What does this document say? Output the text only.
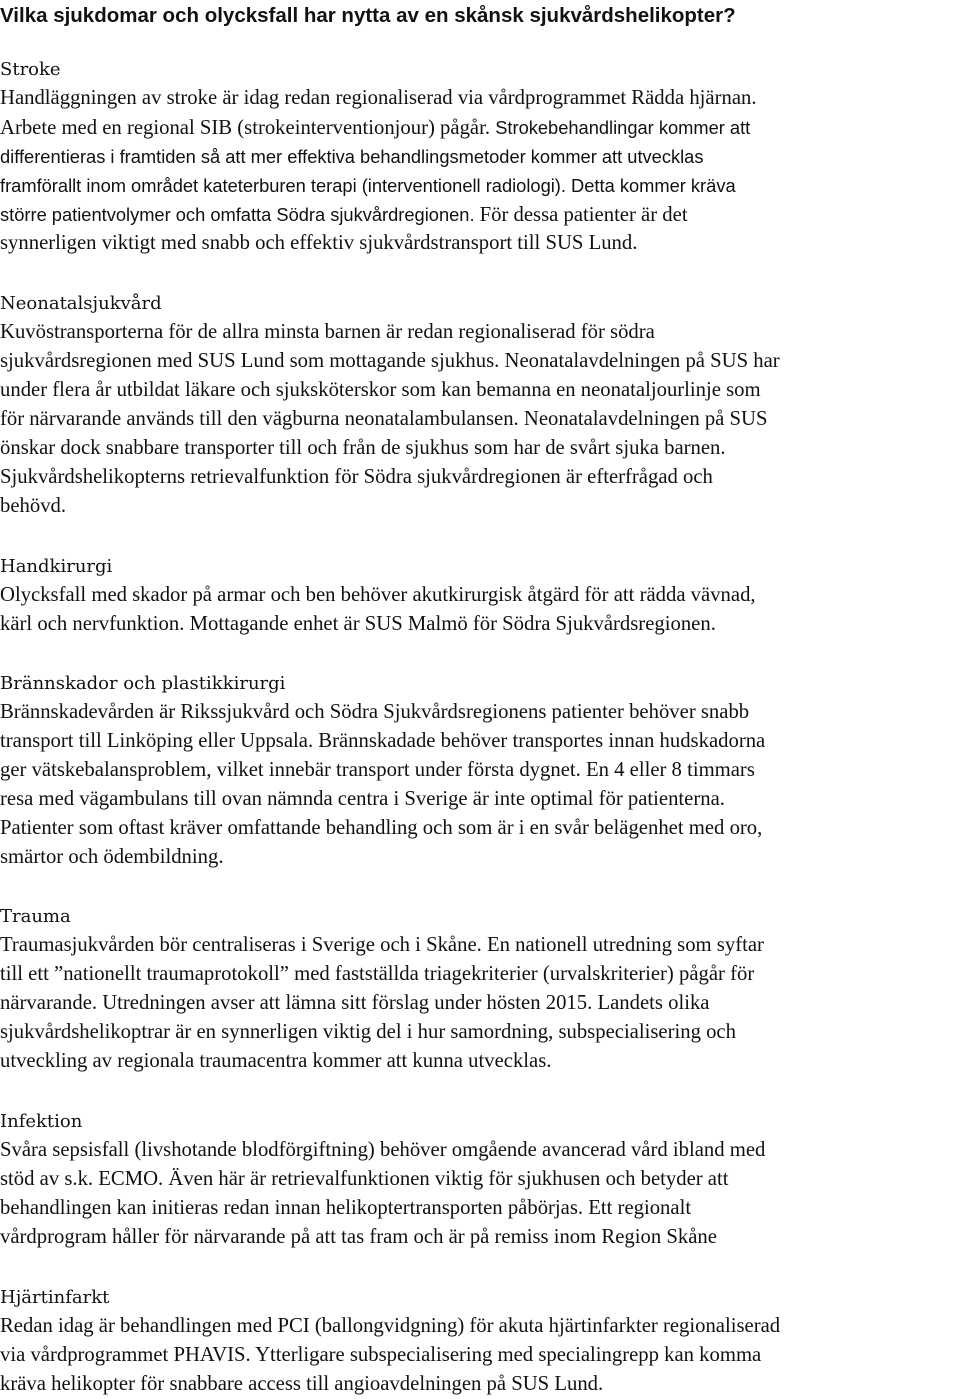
Vilka sjukdomar och olycksfall har nytta av en skånsk sjukvårdshelikopter?

Stroke

Handläggningen av stroke är idag redan regionaliserad via vårdprogrammet Rädda hjärnan.

Arbete med en regional SIB (strokeinterventionjour) pågår. Strokebehandlingar kommer att

differentieras i framtiden så att mer effektiva behandlingsmetoder kommer att utvecklas

framförallt inom området kateterburen terapi (interventionell radiologi). Detta kommer kräva

större patientvolymer och omfatta Södra sjukvårdregionen. För dessa patienter är det

synnerligen viktigt med snabb och effektiv sjukvårdstransport till SUS Lund.

Neonatalsjukvård

Kuvöstransporterna för de allra minsta barnen är redan regionaliserad för södra

sjukvårdsregionen med SUS Lund som mottagande sjukhus. Neonatalavdelningen på SUS har

under flera år utbildat läkare och sjuksköterskor som kan bemanna en neonataljourlinje som

för närvarande används till den vägburna neonatalambulansen. Neonatalavdelningen på SUS

önskar dock snabbare transporter till och från de sjukhus som har de svårt sjuka barnen.

Sjukvårdshelikopterns retrievalfunktion för Södra sjukvårdregionen är efterfrågad och

behövd.

Handkirurgi

Olycksfall med skador på armar och ben behöver akutkirurgisk åtgärd för att rädda vävnad,

kärl och nervfunktion. Mottagande enhet är SUS Malmö för Södra Sjukvårdsregionen.

Brännskador och plastikkirurgi

Brännskadevården är Rikssjukvård och Södra Sjukvårdsregionens patienter behöver snabb

transport till Linköping eller Uppsala. Brännskadade behöver transportes innan hudskadorna

ger vätskebalansproblem, vilket innebär transport under första dygnet. En 4 eller 8 timmars

resa med vägambulans till ovan nämnda centra i Sverige är inte optimal för patienterna.

Patienter som oftast kräver omfattande behandling och som är i en svår belägenhet med oro,

smärtor och ödembildning.

Trauma

Traumasjukvården bör centraliseras i Sverige och i Skåne. En nationell utredning som syftar

till ett ”nationellt traumaprotokoll” med fastställda triagekriterier (urvalskriterier) pågår för

närvarande. Utredningen avser att lämna sitt förslag under hösten 2015. Landets olika

sjukvårdshelikoptrar är en synnerligen viktig del i hur samordning, subspecialisering och

utveckling av regionala traumacentra kommer att kunna utvecklas.

Infektion

Svåra sepsisfall (livshotande blodförgiftning) behöver omgående avancerad vård ibland med

stöd av s.k. ECMO. Även här är retrievalfunktionen viktig för sjukhusen och betyder att

behandlingen kan initieras redan innan helikoptertransporten påbörjas. Ett regionalt

vårdprogram håller för närvarande på att tas fram och är på remiss inom Region Skåne

Hjärtinfarkt

Redan idag är behandlingen med PCI (ballongvidgning) för akuta hjärtinfarkter regionaliserad

via vårdprogrammet PHAVIS. Ytterligare subspecialisering med specialingrepp kan komma

kräva helikopter för snabbare access till angioavdelningen på SUS Lund.
